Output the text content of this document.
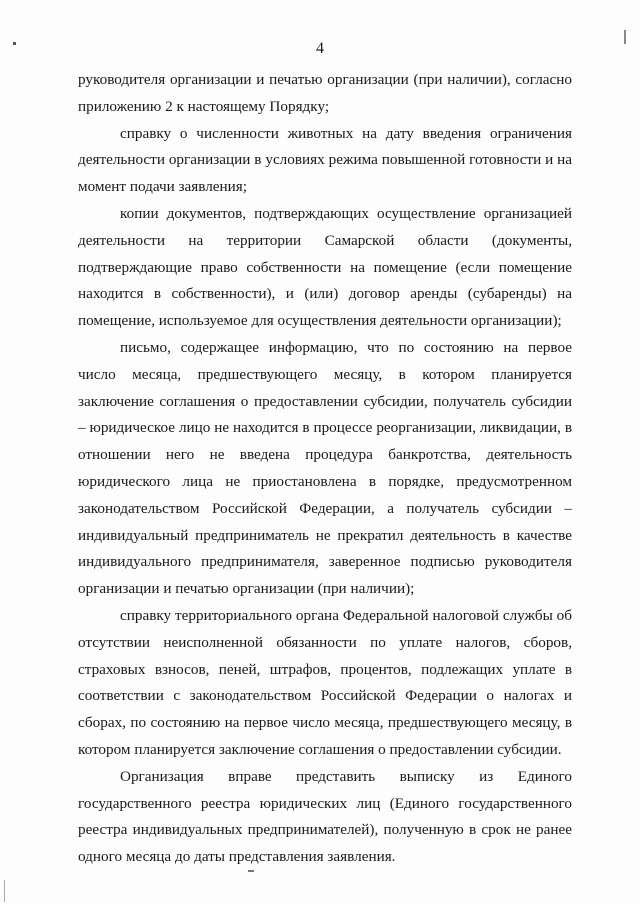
4

руководителя организации и печатью организации (при наличии), согласно приложению 2 к настоящему Порядку;

справку о численности животных на дату введения ограничения деятельности организации в условиях режима повышенной готовности и на момент подачи заявления;

копии документов, подтверждающих осуществление организацией деятельности на территории Самарской области (документы, подтверждающие право собственности на помещение (если помещение находится в собственности), и (или) договор аренды (субаренды) на помещение, используемое для осуществления деятельности организации);

письмо, содержащее информацию, что по состоянию на первое число месяца, предшествующего месяцу, в котором планируется заключение соглашения о предоставлении субсидии, получатель субсидии – юридическое лицо не находится в процессе реорганизации, ликвидации, в отношении него не введена процедура банкротства, деятельность юридического лица не приостановлена в порядке, предусмотренном законодательством Российской Федерации, а получатель субсидии – индивидуальный предприниматель не прекратил деятельность в качестве индивидуального предпринимателя, заверенное подписью руководителя организации и печатью организации (при наличии);

справку территориального органа Федеральной налоговой службы об отсутствии неисполненной обязанности по уплате налогов, сборов, страховых взносов, пеней, штрафов, процентов, подлежащих уплате в соответствии с законодательством Российской Федерации о налогах и сборах, по состоянию на первое число месяца, предшествующего месяцу, в котором планируется заключение соглашения о предоставлении субсидии.

Организация вправе представить выписку из Единого государственного реестра юридических лиц (Единого государственного реестра индивидуальных предпринимателей), полученную в срок не ранее одного месяца до даты представления заявления.
